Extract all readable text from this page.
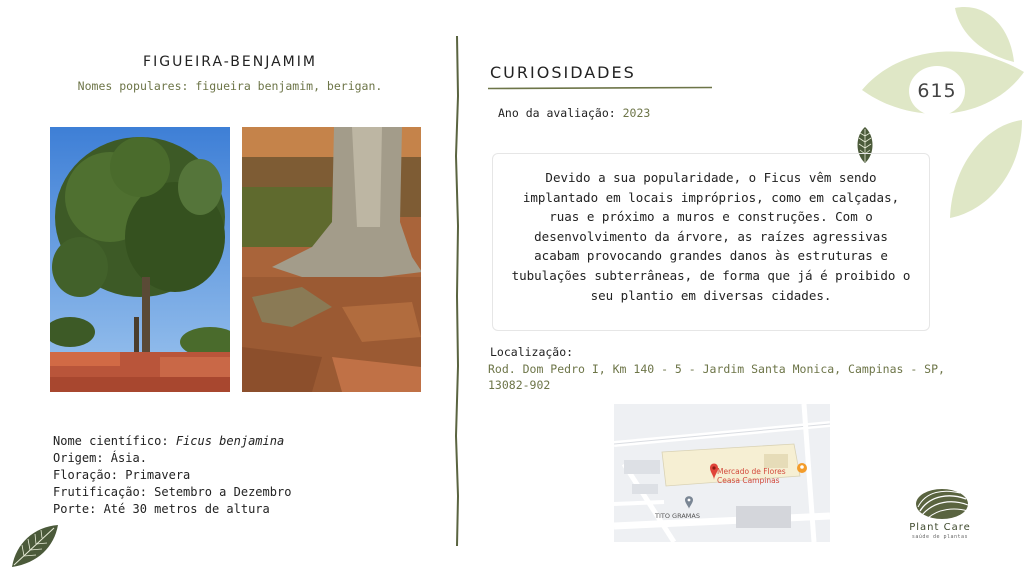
FIGUEIRA-BENJAMIM
Nomes populares: figueira benjamim, berigan.
Nome científico: Ficus benjamina
Origem: Ásia.
Floração: Primavera
Frutificação: Setembro a Dezembro
Porte: Até 30 metros de altura
CURIOSIDADES
Ano da avaliação: 2023

Devido a sua popularidade, o Ficus vêm sendo implantado em locais impróprios, como em calçadas, ruas e próximo a muros e construções. Com o desenvolvimento da árvore, as raízes agressivas acabam provocando grandes danos às estruturas e tubulações subterrâneas, de forma que já é proibido o seu plantio em diversas cidades.

Localização:
Rod. Dom Pedro I, Km 140 - 5 - Jardim Santa Monica, Campinas - SP, 13082-902
Mercado de Flores
Ceasa Campinas
TITO GRAMAS
615
Plant Care
saúde de plantas
